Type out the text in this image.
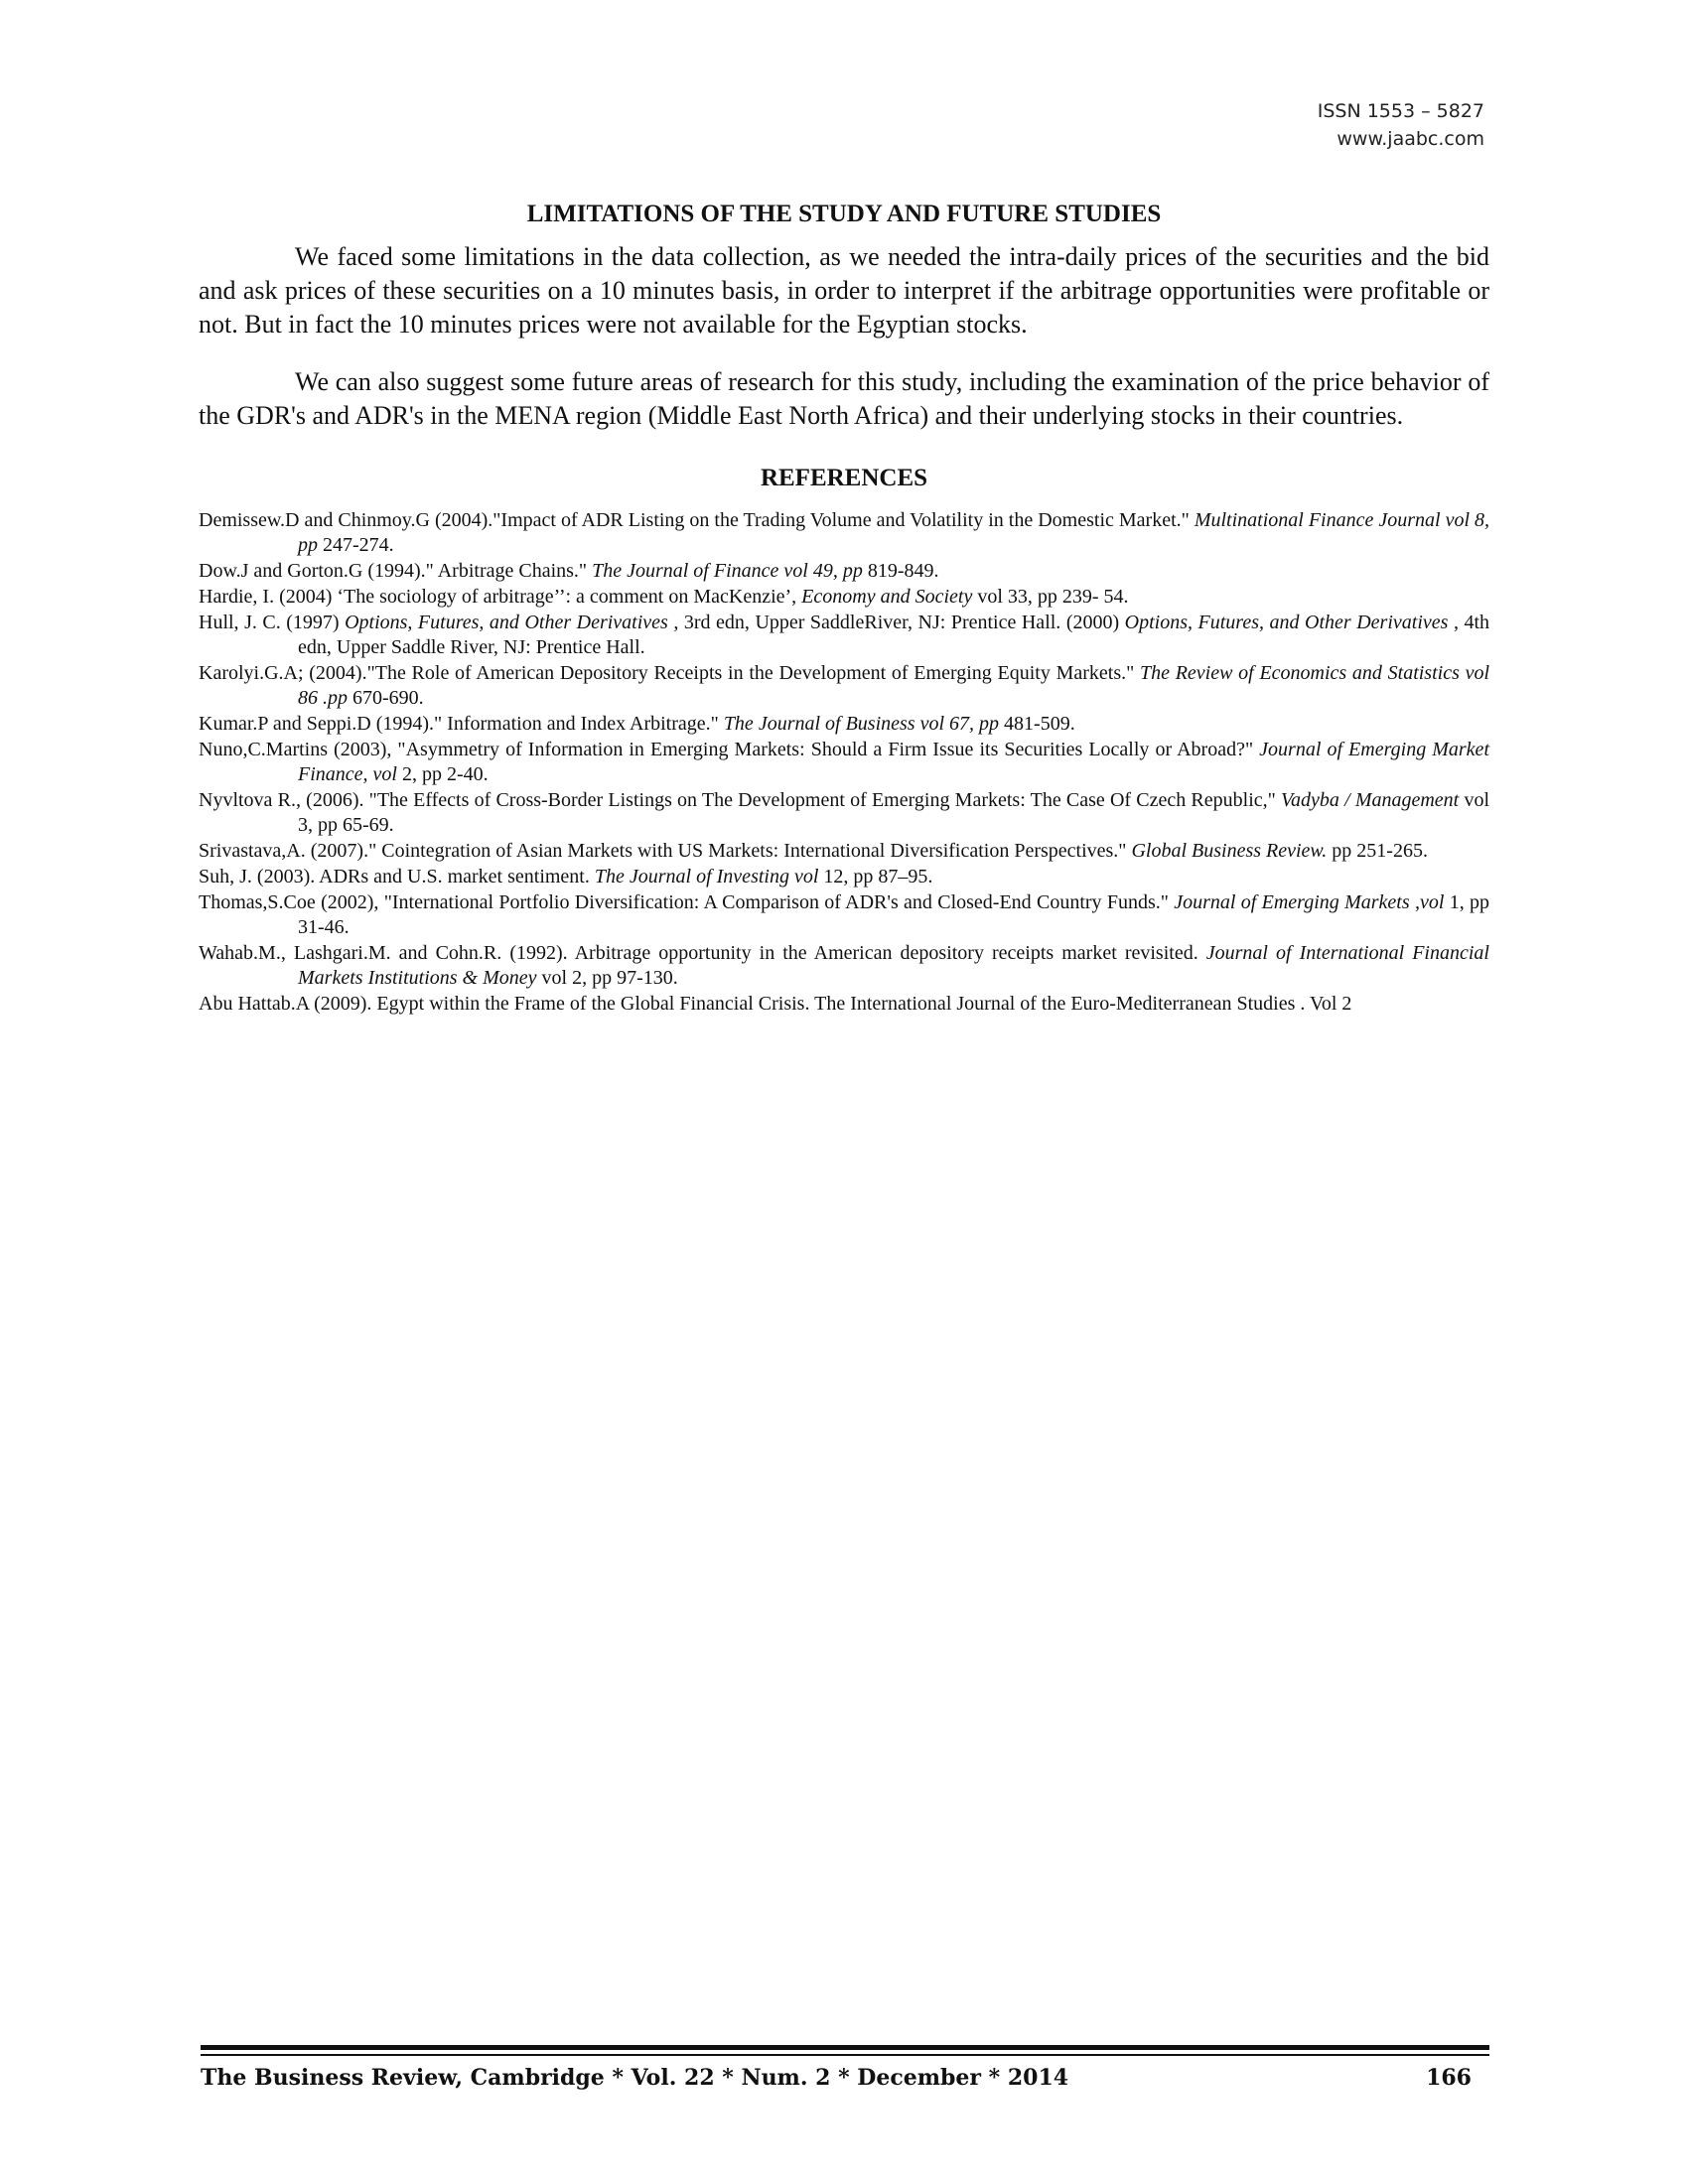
ISSN 1553 – 5827
www.jaabc.com
LIMITATIONS OF THE STUDY AND FUTURE STUDIES

We faced some limitations in the data collection, as we needed the intra-daily prices of the securities and the bid and ask prices of these securities on a 10 minutes basis, in order to interpret if the arbitrage opportunities were profitable or not. But in fact the 10 minutes prices were not available for the Egyptian stocks.

We can also suggest some future areas of research for this study, including the examination of the price behavior of the GDR's and ADR's in the MENA region (Middle East North Africa) and their underlying stocks in their countries.

REFERENCES
Demissew.D and Chinmoy.G (2004)."Impact of ADR Listing on the Trading Volume and Volatility in the Domestic Market." Multinational Finance Journal vol 8, pp 247-274.
Dow.J and Gorton.G (1994)." Arbitrage Chains." The Journal of Finance vol 49, pp 819-849.
Hardie, I. (2004) ‘The sociology of arbitrage’’: a comment on MacKenzie’, Economy and Society vol 33, pp 239- 54.
Hull, J. C. (1997) Options, Futures, and Other Derivatives , 3rd edn, Upper SaddleRiver, NJ: Prentice Hall. (2000) Options, Futures, and Other Derivatives , 4th edn, Upper Saddle River, NJ: Prentice Hall.
Karolyi.G.A; (2004)."The Role of American Depository Receipts in the Development of Emerging Equity Markets." The Review of Economics and Statistics vol 86 .pp 670-690.
Kumar.P and Seppi.D (1994)." Information and Index Arbitrage." The Journal of Business vol 67, pp 481-509.
Nuno,C.Martins (2003), "Asymmetry of Information in Emerging Markets: Should a Firm Issue its Securities Locally or Abroad?" Journal of Emerging Market Finance, vol 2, pp 2-40.
Nyvltova R., (2006). "The Effects of Cross-Border Listings on The Development of Emerging Markets: The Case Of Czech Republic," Vadyba / Management vol 3, pp 65-69.
Srivastava,A. (2007)." Cointegration of Asian Markets with US Markets: International Diversification Perspectives." Global Business Review. pp 251-265.
Suh, J. (2003). ADRs and U.S. market sentiment. The Journal of Investing vol 12, pp 87–95.
Thomas,S.Coe (2002), "International Portfolio Diversification: A Comparison of ADR's and Closed-End Country Funds." Journal of Emerging Markets ,vol 1, pp 31-46.
Wahab.M., Lashgari.M. and Cohn.R. (1992). Arbitrage opportunity in the American depository receipts market revisited. Journal of International Financial Markets Institutions & Money vol 2, pp 97-130.
Abu Hattab.A (2009). Egypt within the Frame of the Global Financial Crisis. The International Journal of the Euro-Mediterranean Studies . Vol 2
The Business Review, Cambridge * Vol. 22 * Num. 2 * December * 2014	166
